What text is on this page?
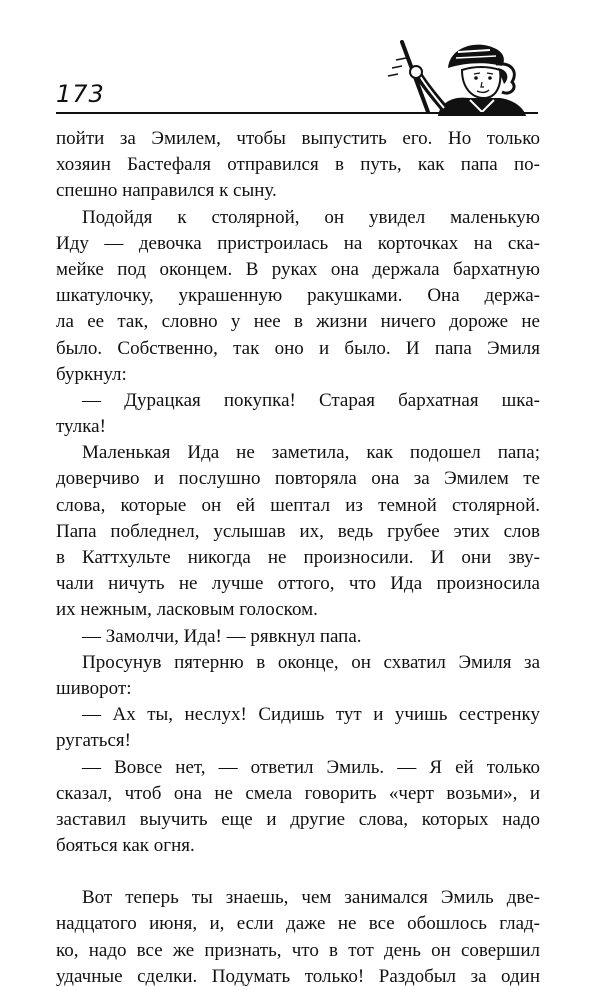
173
пойти за Эмилем, чтобы выпустить его. Но только
хозяин Бастефаля отправился в путь, как папа по-
спешно направился к сыну.
Подойдя к столярной, он увидел маленькую
Иду — девочка пристроилась на корточках на ска-
мейке под оконцем. В руках она держала бархатную
шкатулочку, украшенную ракушками. Она держа-
ла ее так, словно у нее в жизни ничего дороже не
было. Собственно, так оно и было. И папа Эмиля
буркнул:
— Дурацкая покупка! Старая бархатная шка-
тулка!
Маленькая Ида не заметила, как подошел папа;
доверчиво и послушно повторяла она за Эмилем те
слова, которые он ей шептал из темной столярной.
Папа побледнел, услышав их, ведь грубее этих слов
в Каттхульте никогда не произносили. И они зву-
чали ничуть не лучше оттого, что Ида произносила
их нежным, ласковым голоском.
— Замолчи, Ида! — рявкнул папа.
Просунув пятерню в оконце, он схватил Эмиля за
шиворот:
— Ах ты, неслух! Сидишь тут и учишь сестренку
ругаться!
— Вовсе нет, — ответил Эмиль. — Я ей только
сказал, чтоб она не смела говорить «черт возьми», и
заставил выучить еще и другие слова, которых надо
бояться как огня.
Вот теперь ты знаешь, чем занимался Эмиль две-
надцатого июня, и, если даже не все обошлось глад-
ко, надо все же признать, что в тот день он совершил
удачные сделки. Подумать только! Раздобыл за один
